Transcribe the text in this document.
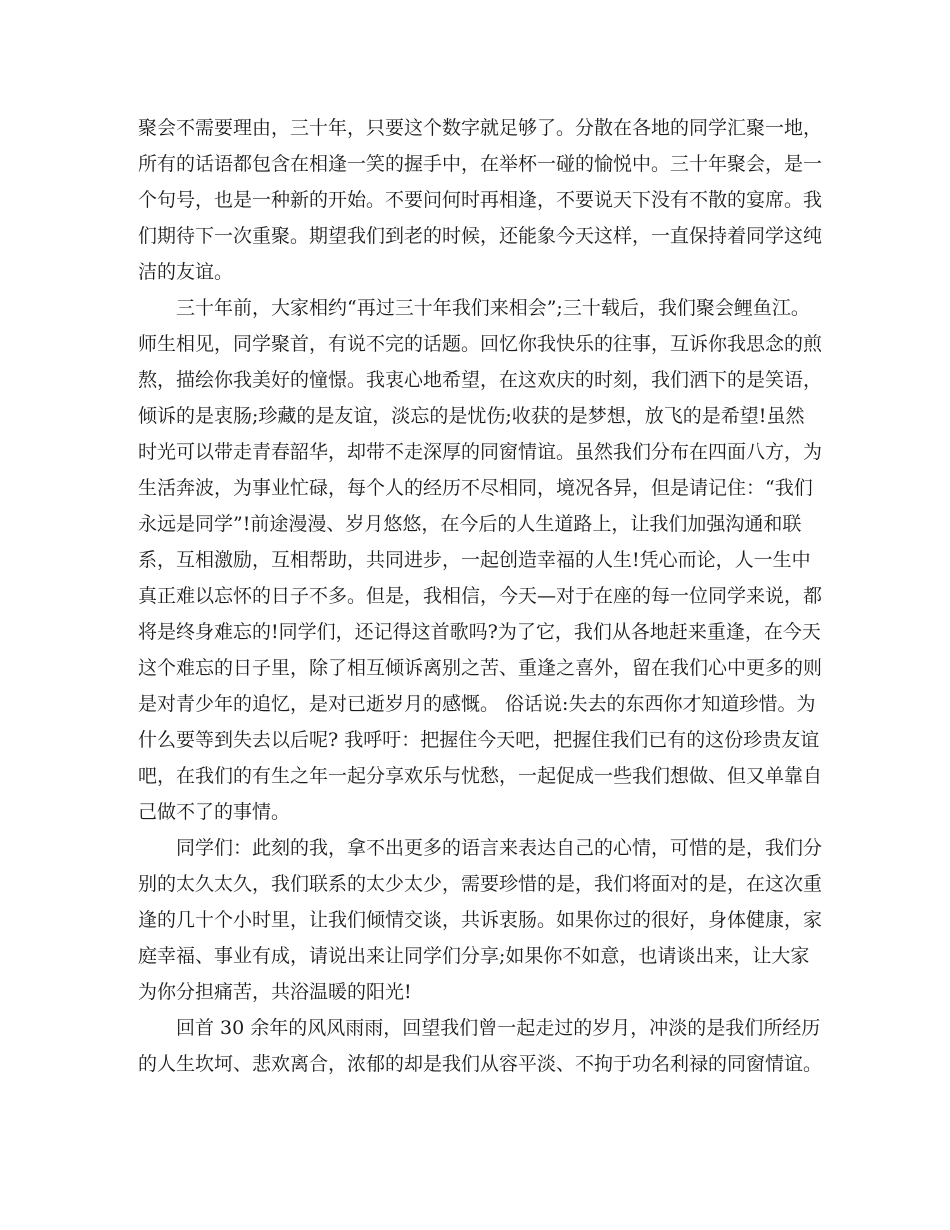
聚会不需要理由，三十年，只要这个数字就足够了。分散在各地的同学汇聚一地，
所有的话语都包含在相逢一笑的握手中，在举杯一碰的愉悦中。三十年聚会，是一
个句号，也是一种新的开始。不要问何时再相逢，不要说天下没有不散的宴席。我
们期待下一次重聚。期望我们到老的时候，还能象今天这样，一直保持着同学这纯
洁的友谊。
三十年前，大家相约“再过三十年我们来相会”;三十载后，我们聚会鲤鱼江。
师生相见，同学聚首，有说不完的话题。回忆你我快乐的往事，互诉你我思念的煎
熬，描绘你我美好的憧憬。我衷心地希望，在这欢庆的时刻，我们洒下的是笑语，
倾诉的是衷肠;珍藏的是友谊，淡忘的是忧伤;收获的是梦想，放飞的是希望!虽然
时光可以带走青春韶华，却带不走深厚的同窗情谊。虽然我们分布在四面八方，为
生活奔波，为事业忙碌，每个人的经历不尽相同，境况各异，但是请记住：“我们
永远是同学”!前途漫漫、岁月悠悠，在今后的人生道路上，让我们加强沟通和联
系，互相激励，互相帮助，共同进步，一起创造幸福的人生!凭心而论，人一生中
真正难以忘怀的日子不多。但是，我相信，今天—对于在座的每一位同学来说，都
将是终身难忘的!同学们，还记得这首歌吗?为了它，我们从各地赶来重逢，在今天
这个难忘的日子里，除了相互倾诉离别之苦、重逢之喜外，留在我们心中更多的则
是对青少年的追忆，是对已逝岁月的感慨。 俗话说:失去的东西你才知道珍惜。为
什么要等到失去以后呢? 我呼吁：把握住今天吧，把握住我们已有的这份珍贵友谊
吧，在我们的有生之年一起分享欢乐与忧愁，一起促成一些我们想做、但又单靠自
己做不了的事情。
同学们：此刻的我，拿不出更多的语言来表达自己的心情，可惜的是，我们分
别的太久太久，我们联系的太少太少，需要珍惜的是，我们将面对的是，在这次重
逢的几十个小时里，让我们倾情交谈，共诉衷肠。如果你过的很好，身体健康，家
庭幸福、事业有成，请说出来让同学们分享;如果你不如意，也请谈出来，让大家
为你分担痛苦，共浴温暖的阳光!
回首 30 余年的风风雨雨，回望我们曾一起走过的岁月，冲淡的是我们所经历
的人生坎坷、悲欢离合，浓郁的却是我们从容平淡、不拘于功名利禄的同窗情谊。
